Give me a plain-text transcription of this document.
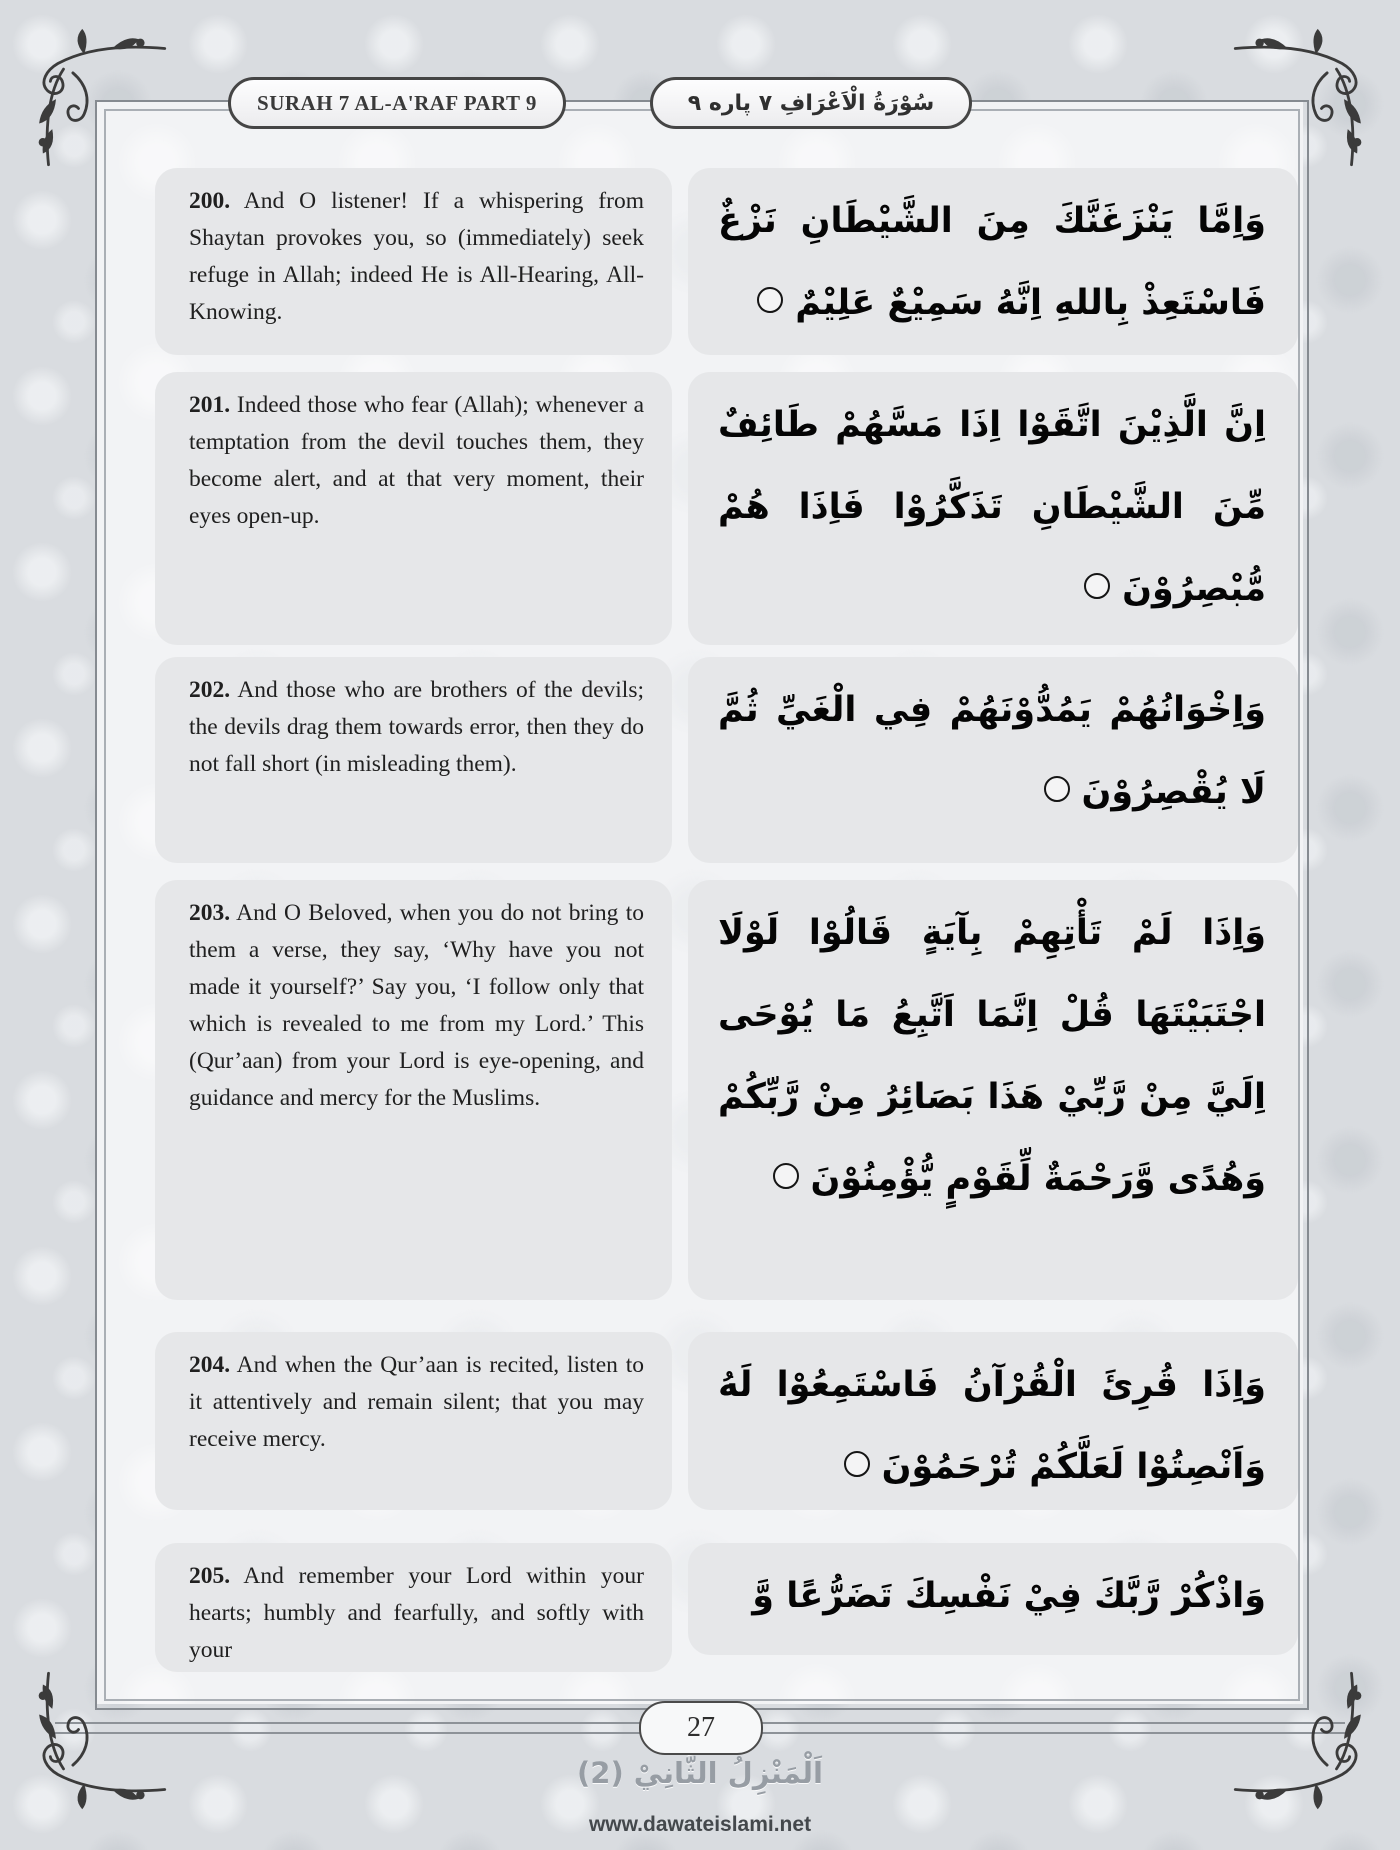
SURAH 7 AL-A'RAF PART 9	سُوْرَةُ الْاَعْرَافِ ٧ پاره ٩
200. And O listener! If a whispering from Shaytan provokes you, so (immediately) seek refuge in Allah; indeed He is All-Hearing, All-Knowing.
وَاِمَّا يَنْزَغَنَّكَ مِنَ الشَّيْطَانِ نَزْغٌ فَاسْتَعِذْ بِاللهِ اِنَّهُ سَمِيْعٌ عَلِيْمٌ
201. Indeed those who fear (Allah); whenever a temptation from the devil touches them, they become alert, and at that very moment, their eyes open-up.
اِنَّ الَّذِيْنَ اتَّقَوْا اِذَا مَسَّهُمْ طَائِفٌ مِّنَ الشَّيْطَانِ تَذَكَّرُوْا فَاِذَا هُمْ مُّبْصِرُوْنَ
202. And those who are brothers of the devils; the devils drag them towards error, then they do not fall short (in misleading them).
وَاِخْوَانُهُمْ يَمُدُّوْنَهُمْ فِي الْغَيِّ ثُمَّ لَا يُقْصِرُوْنَ
203. And O Beloved, when you do not bring to them a verse, they say, ‘Why have you not made it yourself?’ Say you, ‘I follow only that which is revealed to me from my Lord.’ This (Qur’aan) from your Lord is eye-opening, and guidance and mercy for the Muslims.
وَاِذَا لَمْ تَأْتِهِمْ بِآيَةٍ قَالُوْا لَوْلَا اجْتَبَيْتَهَا قُلْ اِنَّمَا اَتَّبِعُ مَا يُوْحَى اِلَيَّ مِنْ رَّبِّيْ هَذَا بَصَائِرُ مِنْ رَّبِّكُمْ وَهُدًى وَّرَحْمَةٌ لِّقَوْمٍ يُّؤْمِنُوْنَ
204. And when the Qur’aan is recited, listen to it attentively and remain silent; that you may receive mercy.
وَاِذَا قُرِئَ الْقُرْآنُ فَاسْتَمِعُوْا لَهُ وَاَنْصِتُوْا لَعَلَّكُمْ تُرْحَمُوْنَ
205. And remember your Lord within your hearts; humbly and fearfully, and softly with your
وَاذْكُرْ رَّبَّكَ فِيْ نَفْسِكَ تَضَرُّعًا وَّ
27
اَلْمَنْزِلُ الثَّانِيْ (2)
www.dawateislami.net
